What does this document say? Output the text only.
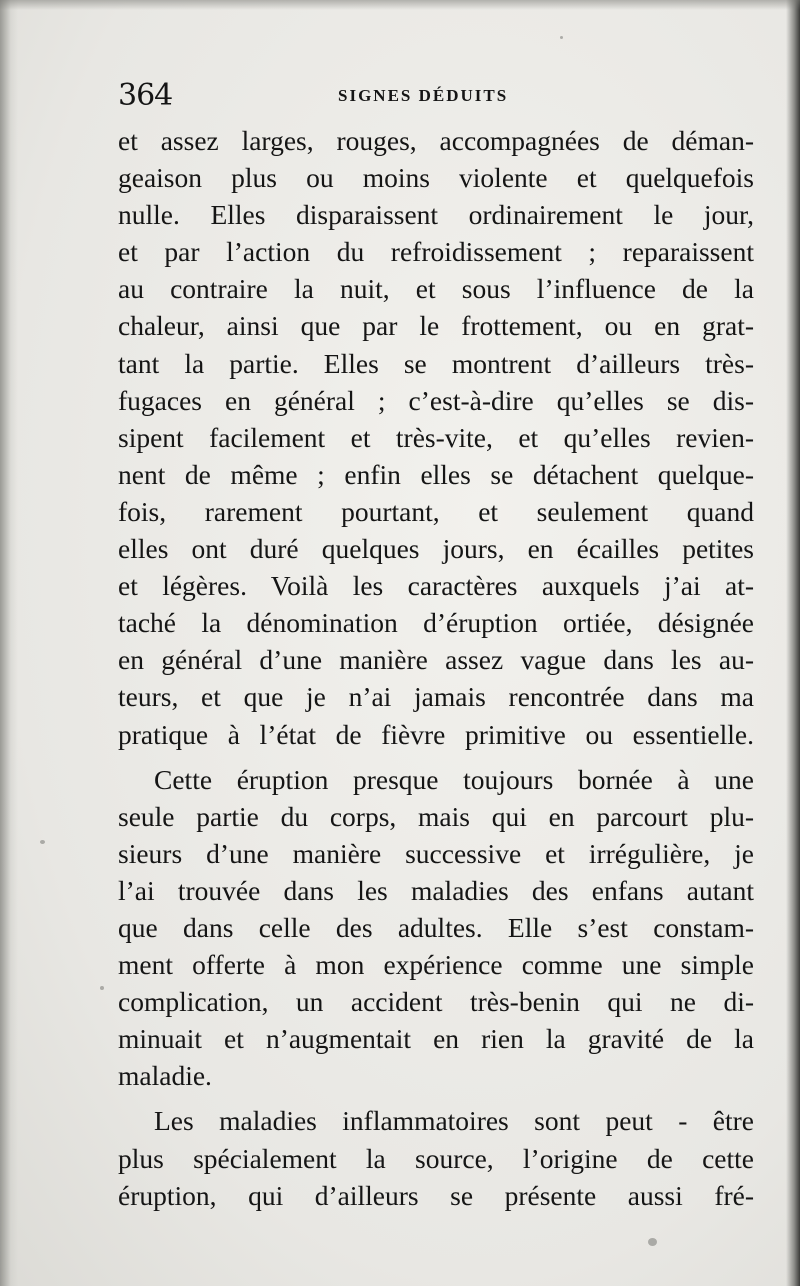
364	SIGNES DÉDUITS
et assez larges, rouges, accompagnées de déman-
geaison plus ou moins violente et quelquefois
nulle. Elles disparaissent ordinairement le jour,
et par l’action du refroidissement ; reparaissent
au contraire la nuit, et sous l’influence de la
chaleur, ainsi que par le frottement, ou en grat-
tant la partie. Elles se montrent d’ailleurs très-
fugaces en général ; c’est-à-dire qu’elles se dis-
sipent facilement et très-vite, et qu’elles revien-
nent de même ; enfin elles se détachent quelque-
fois, rarement pourtant, et seulement quand
elles ont duré quelques jours, en écailles petites
et légères. Voilà les caractères auxquels j’ai at-
taché la dénomination d’éruption ortiée, désignée
en général d’une manière assez vague dans les au-
teurs, et que je n’ai jamais rencontrée dans ma
pratique à l’état de fièvre primitive ou essentielle.
Cette éruption presque toujours bornée à une
seule partie du corps, mais qui en parcourt plu-
sieurs d’une manière successive et irrégulière, je
l’ai trouvée dans les maladies des enfans autant
que dans celle des adultes. Elle s’est constam-
ment offerte à mon expérience comme une simple
complication, un accident très-benin qui ne di-
minuait et n’augmentait en rien la gravité de la
maladie.
Les maladies inflammatoires sont peut - être
plus spécialement la source, l’origine de cette
éruption, qui d’ailleurs se présente aussi fré-
